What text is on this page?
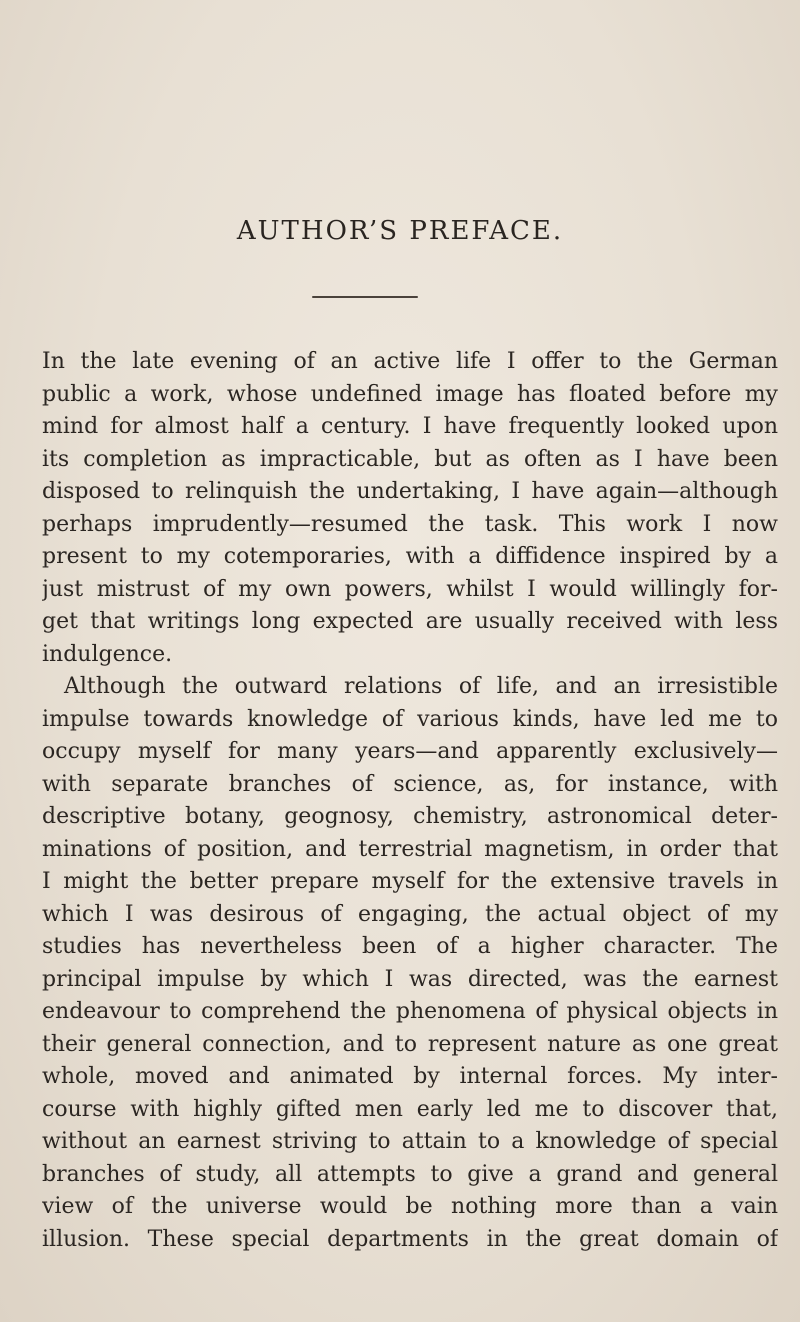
AUTHOR’S PREFACE.
In the late evening of an active life I offer to the German
public a work, whose undefined image has floated before my
mind for almost half a century. I have frequently looked upon
its completion as impracticable, but as often as I have been
disposed to relinquish the undertaking, I have again—although
perhaps imprudently—resumed the task. This work I now
present to my cotemporaries, with a diffidence inspired by a
just mistrust of my own powers, whilst I would willingly for-
get that writings long expected are usually received with less
indulgence.
Although the outward relations of life, and an irresistible
impulse towards knowledge of various kinds, have led me to
occupy myself for many years—and apparently exclusively—
with separate branches of science, as, for instance, with
descriptive botany, geognosy, chemistry, astronomical deter-
minations of position, and terrestrial magnetism, in order that
I might the better prepare myself for the extensive travels in
which I was desirous of engaging, the actual object of my
studies has nevertheless been of a higher character. The
principal impulse by which I was directed, was the earnest
endeavour to comprehend the phenomena of physical objects in
their general connection, and to represent nature as one great
whole, moved and animated by internal forces. My inter-
course with highly gifted men early led me to discover that,
without an earnest striving to attain to a knowledge of special
branches of study, all attempts to give a grand and general
view of the universe would be nothing more than a vain
illusion. These special departments in the great domain of
